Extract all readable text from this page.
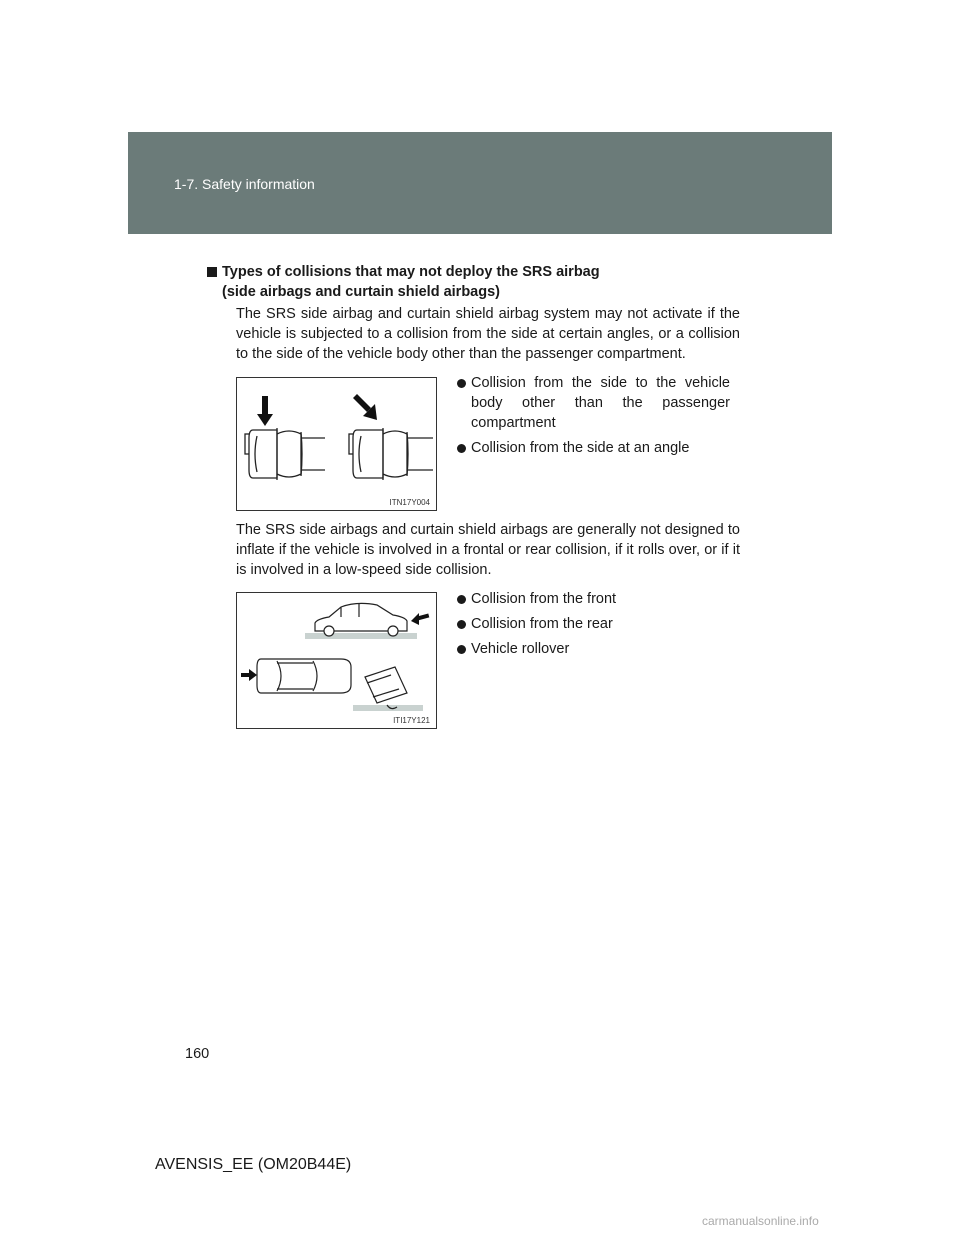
1-7. Safety information
Types of collisions that may not deploy the SRS airbag
(side airbags and curtain shield airbags)
The SRS side airbag and curtain shield airbag system may not activate if the vehicle is subjected to a collision from the side at certain angles, or a collision to the side of the vehicle body other than the passenger compartment.
ITN17Y004
Collision from the side to the vehicle body other than the passenger compartment
Collision from the side at an angle
The SRS side airbags and curtain shield airbags are generally not designed to inflate if the vehicle is involved in a frontal or rear collision, if it rolls over, or if it is involved in a low-speed side collision.
ITI17Y121
Collision from the front
Collision from the rear
Vehicle rollover
160
AVENSIS_EE (OM20B44E)
carmanualsonline.info
